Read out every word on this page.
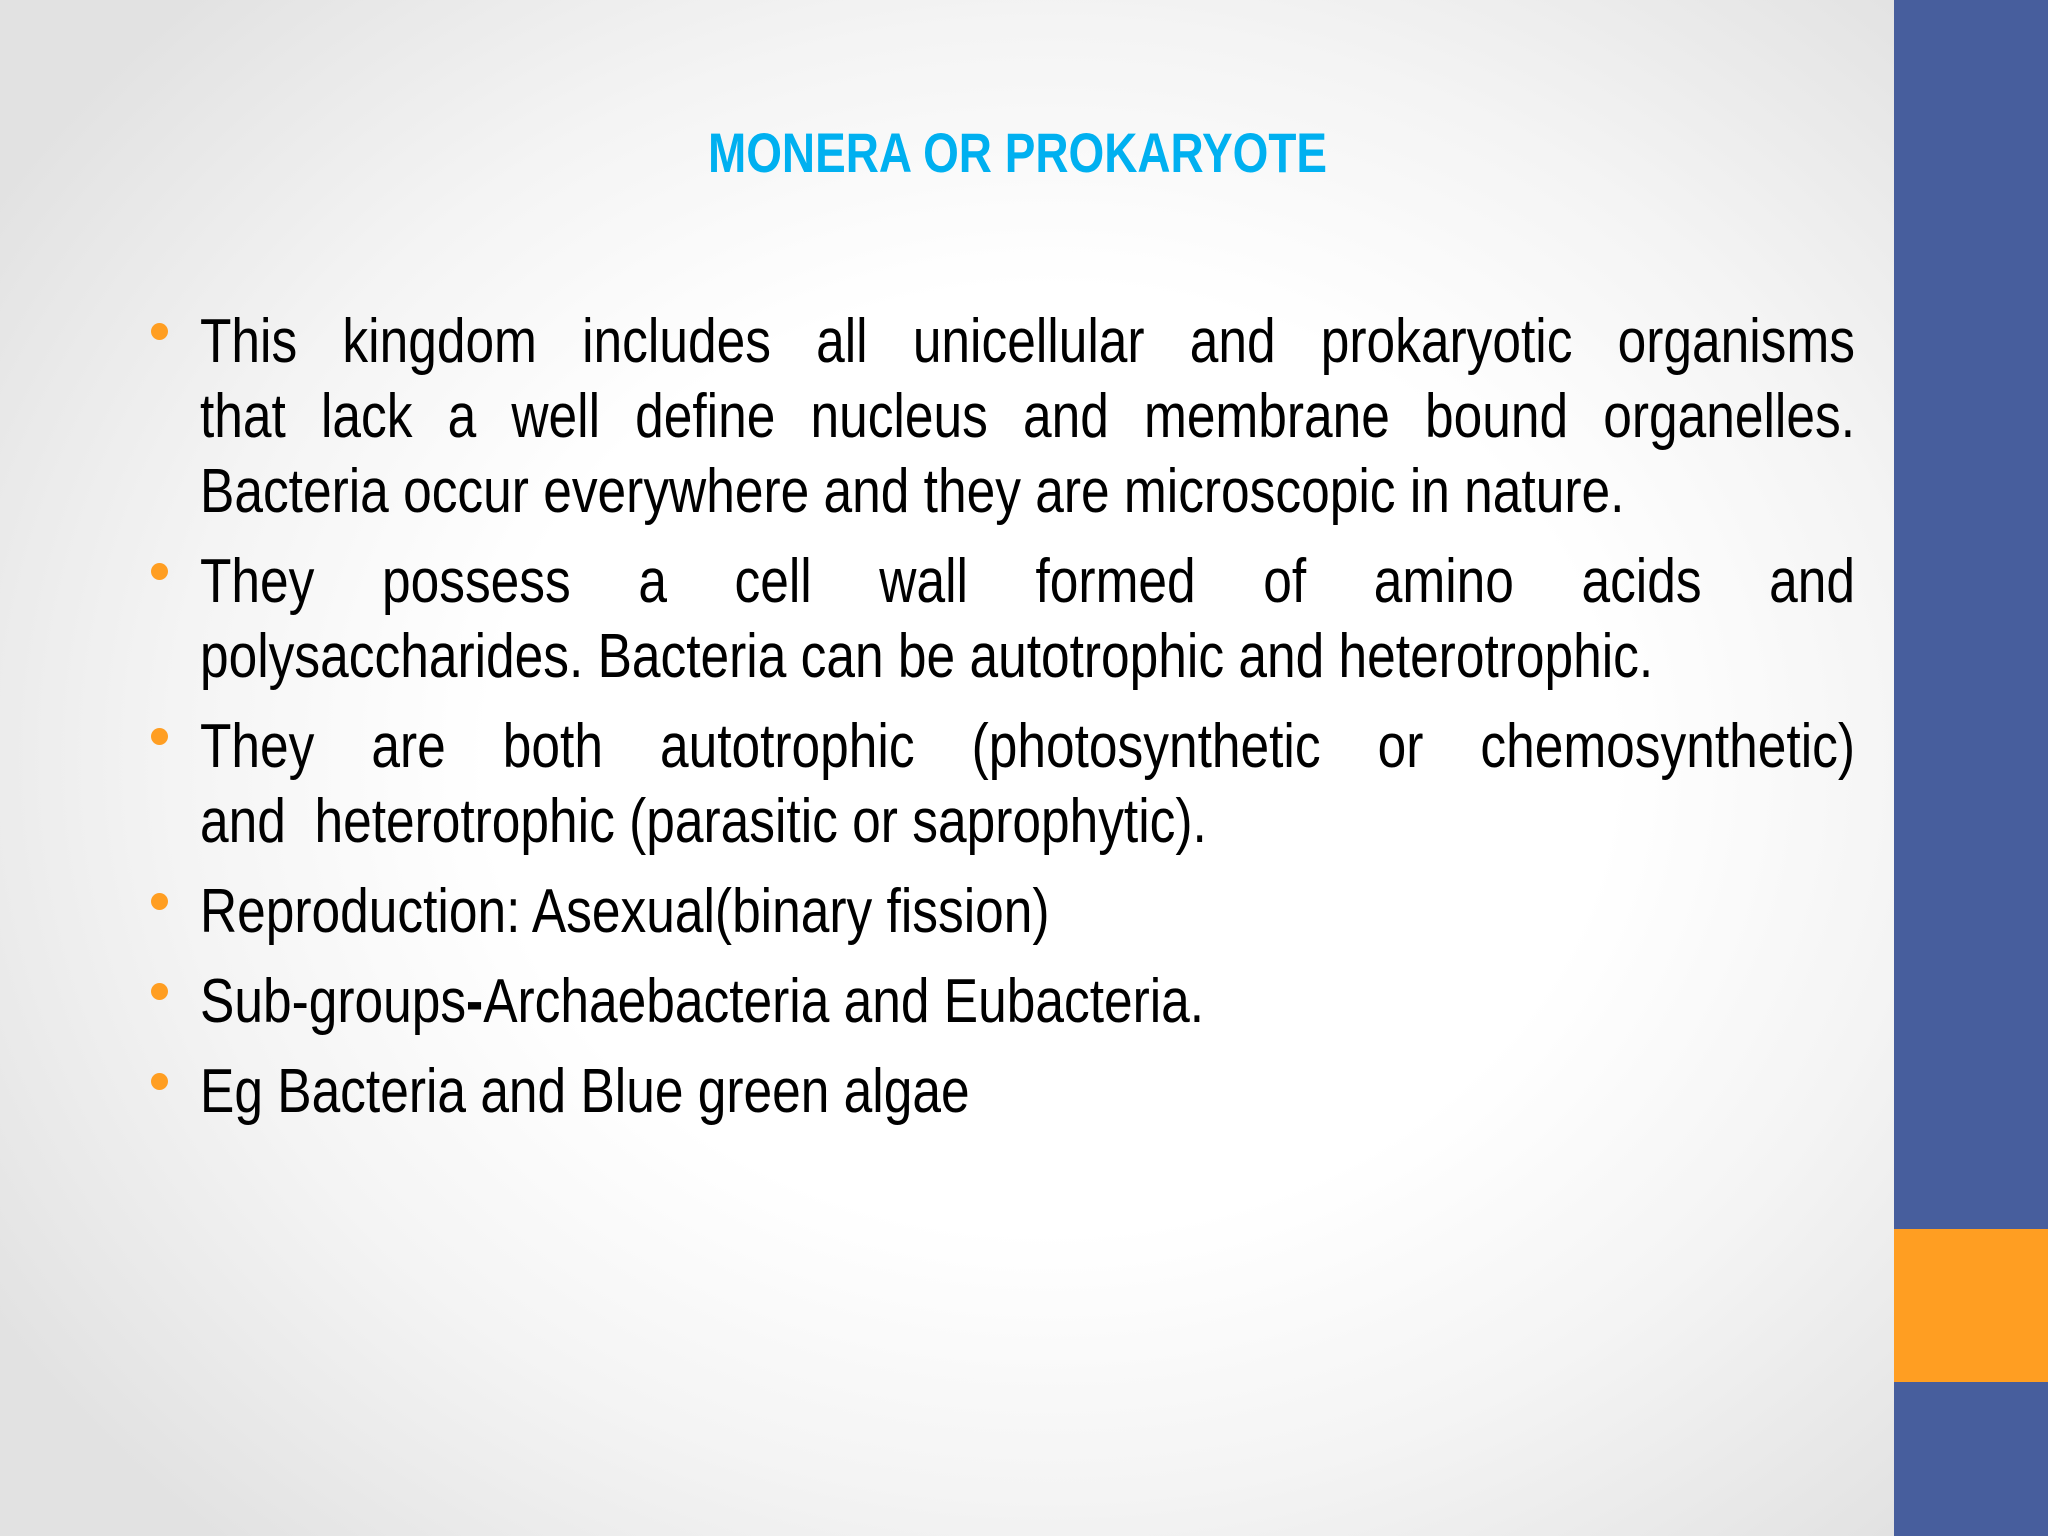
MONERA OR PROKARYOTE
This kingdom includes all unicellular and prokaryotic organisms
that lack a well define nucleus and membrane bound organelles.
Bacteria occur everywhere and they are microscopic in nature.
They possess a cell wall formed of amino acids and
polysaccharides. Bacteria can be autotrophic and heterotrophic.
They are both autotrophic (photosynthetic or chemosynthetic)
and  heterotrophic (parasitic or saprophytic).
Reproduction: Asexual(binary fission)
Sub-groups-Archaebacteria and Eubacteria.
Eg Bacteria and Blue green algae
